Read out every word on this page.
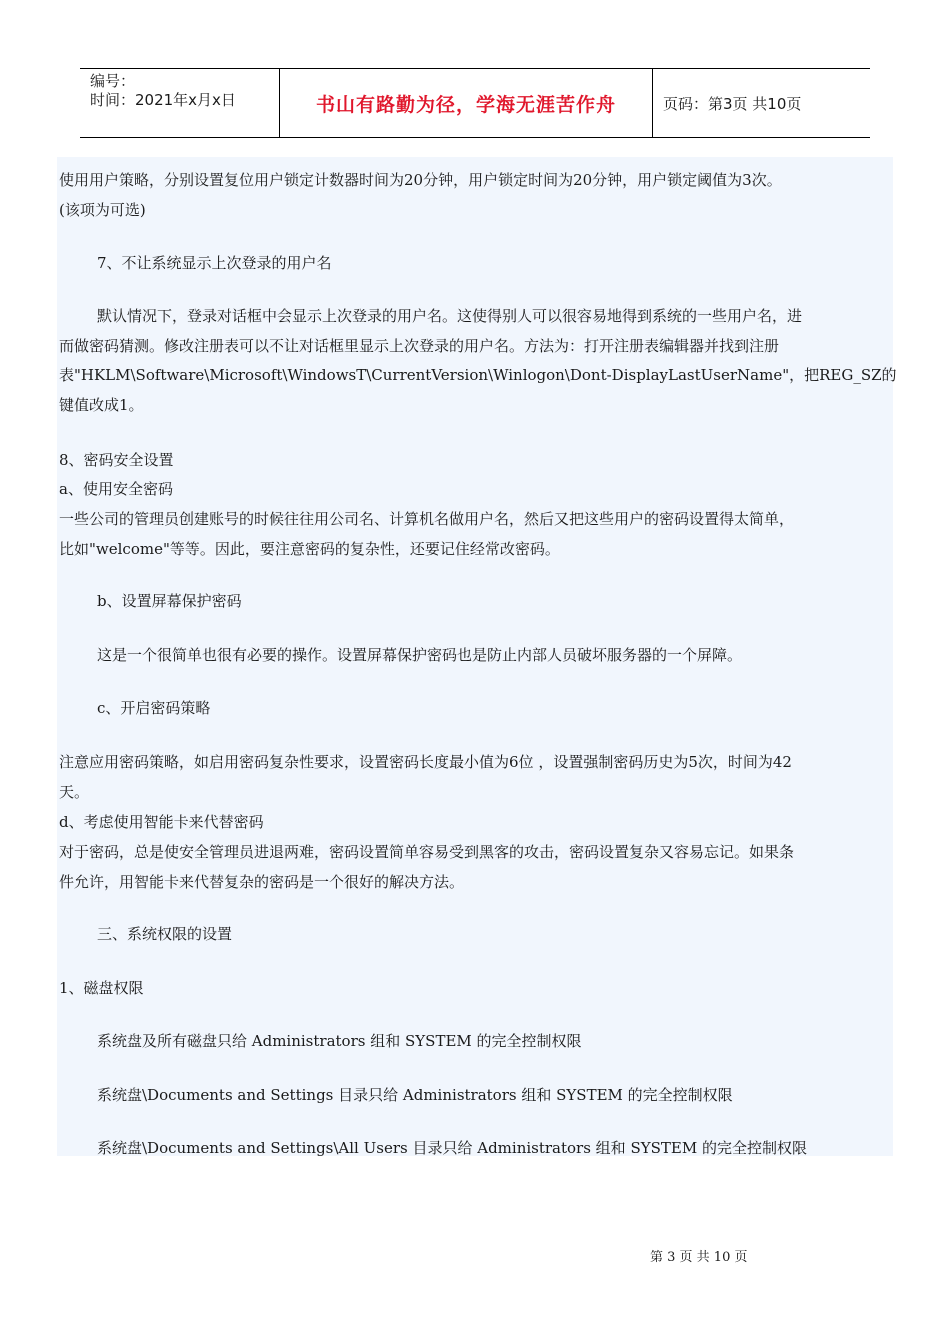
编号：
时间：2021年x月x日	书山有路勤为径，学海无涯苦作舟	页码：第3页 共10页
使用用户策略，分别设置复位用户锁定计数器时间为20分钟，用户锁定时间为20分钟，用户锁定阈值为3次。
(该项为可选)
7、不让系统显示上次登录的用户名
默认情况下，登录对话框中会显示上次登录的用户名。这使得别人可以很容易地得到系统的一些用户名，进
而做密码猜测。修改注册表可以不让对话框里显示上次登录的用户名。方法为：打开注册表编辑器并找到注册
表"HKLM\Software\Microsoft\WindowsT\CurrentVersion\Winlogon\Dont-DisplayLastUserName"，把REG_SZ的
键值改成1。
8、密码安全设置
a、使用安全密码
一些公司的管理员创建账号的时候往往用公司名、计算机名做用户名，然后又把这些用户的密码设置得太简单，
比如"welcome"等等。因此，要注意密码的复杂性，还要记住经常改密码。
b、设置屏幕保护密码
这是一个很简单也很有必要的操作。设置屏幕保护密码也是防止内部人员破坏服务器的一个屏障。
c、开启密码策略
注意应用密码策略，如启用密码复杂性要求，设置密码长度最小值为6位 ，设置强制密码历史为5次，时间为42
天。
d、考虑使用智能卡来代替密码
对于密码，总是使安全管理员进退两难，密码设置简单容易受到黑客的攻击，密码设置复杂又容易忘记。如果条
件允许，用智能卡来代替复杂的密码是一个很好的解决方法。
三、系统权限的设置
1、磁盘权限
系统盘及所有磁盘只给 Administrators 组和 SYSTEM 的完全控制权限
系统盘\Documents and Settings 目录只给 Administrators 组和 SYSTEM 的完全控制权限
系统盘\Documents and Settings\All Users 目录只给 Administrators 组和 SYSTEM 的完全控制权限
第 3 页 共 10 页
